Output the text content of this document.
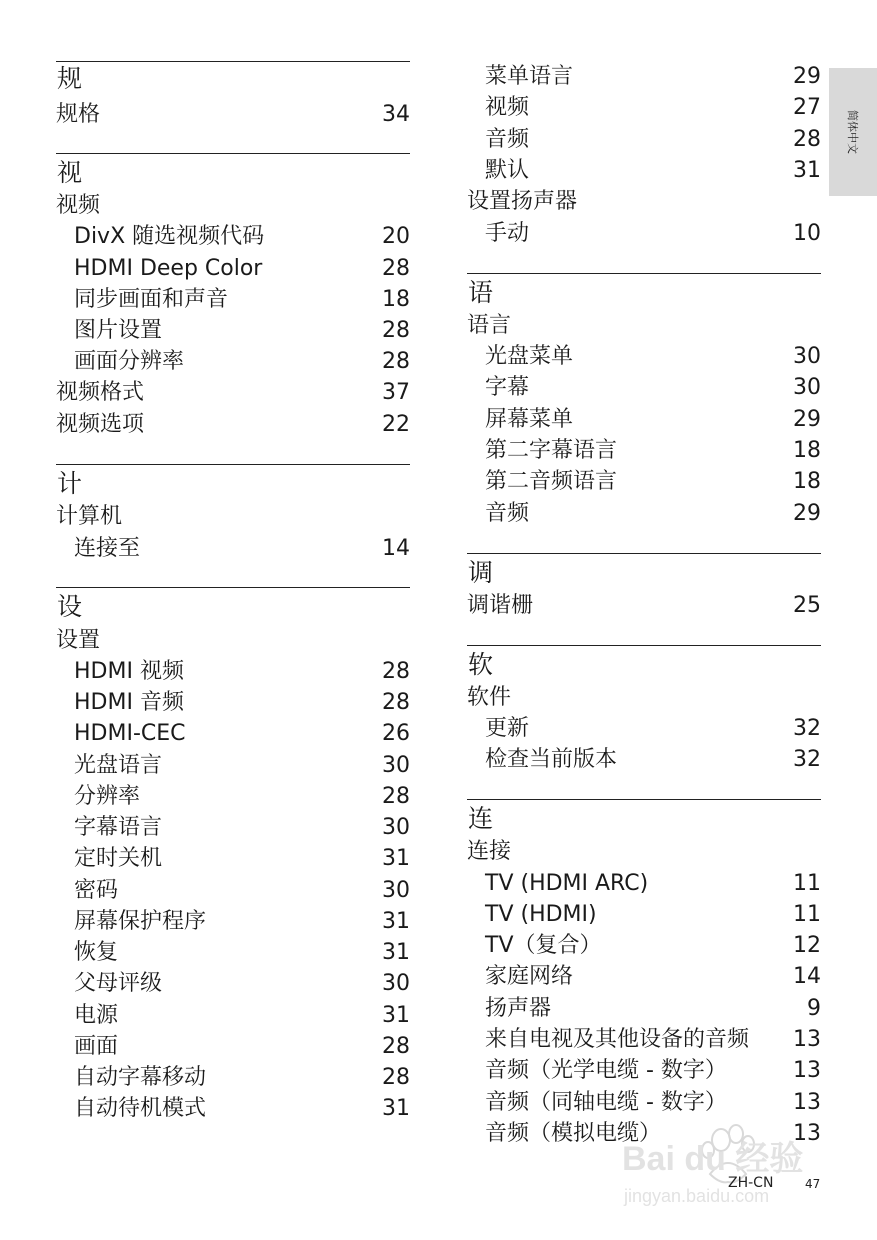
规
规格	34
视
视频
DivX 随选视频代码	20
HDMI Deep Color	28
同步画面和声音	18
图片设置	28
画面分辨率	28
视频格式	37
视频选项	22
计
计算机
连接至	14
设
设置
HDMI 视频	28
HDMI 音频	28
HDMI-CEC	26
光盘语言	30
分辨率	28
字幕语言	30
定时关机	31
密码	30
屏幕保护程序	31
恢复	31
父母评级	30
电源	31
画面	28
自动字幕移动	28
自动待机模式	31
菜单语言	29
视频	27
音频	28
默认	31
设置扬声器
手动	10
语
语言
光盘菜单	30
字幕	30
屏幕菜单	29
第二字幕语言	18
第二音频语言	18
音频	29
调
调谐栅	25
软
软件
更新	32
检查当前版本	32
连
连接
TV (HDMI ARC)	11
TV (HDMI)	11
TV（复合）	12
家庭网络	14
扬声器	9
来自电视及其他设备的音频 13
音频（光学电缆 - 数字）	13
音频（同轴电缆 - 数字）	13
音频（模拟电缆）	13
简体中文
Bai du 经验
jingyan.baidu.com
ZH-CN	47
